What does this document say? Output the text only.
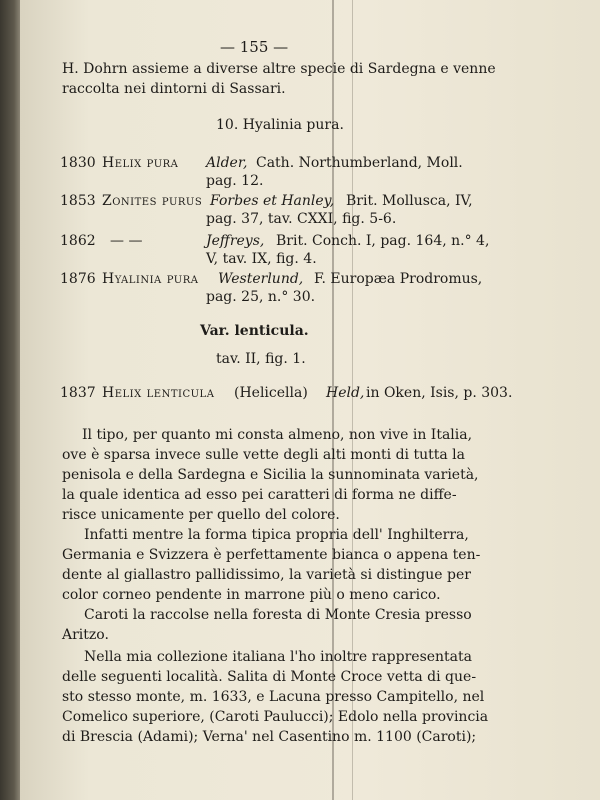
— 155 —
H. Dohrn assieme a diverse altre specie di Sardegna e venne
raccolta nei dintorni di Sassari.
10. Hyalinia pura.
1830 Helix pura Alder, Cath. Northumberland, Moll.
pag. 12.
1853 Zonites purus Forbes et Hanley, Brit. Mollusca, IV,
pag. 37, tav. CXXI, fig. 5-6.
1862 — —	Jeffreys, Brit. Conch. I, pag. 164, n.° 4,
V, tav. IX, fig. 4.
1876 Hyalinia pura Westerlund, F. Europæa Prodromus,
pag. 25, n.° 30.
Var. lenticula.
tav. II, fig. 1.
1837 Helix lenticula (Helicella) Held, in Oken, Isis, p. 303.
Il tipo, per quanto mi consta almeno, non vive in Italia,
ove è sparsa invece sulle vette degli alti monti di tutta la
penisola e della Sardegna e Sicilia la sunnominata varietà,
la quale identica ad esso pei caratteri di forma ne diffe-
risce unicamente per quello del colore.
Infatti mentre la forma tipica propria dell' Inghilterra,
Germania e Svizzera è perfettamente bianca o appena ten-
dente al giallastro pallidissimo, la varietà si distingue per
color corneo pendente in marrone più o meno carico.
Caroti la raccolse nella foresta di Monte Cresia presso
Aritzo.
Nella mia collezione italiana l'ho inoltre rappresentata
delle seguenti località. Salita di Monte Croce vetta di que-
sto stesso monte, m. 1633, e Lacuna presso Campitello, nel
Comelico superiore, (Caroti Paulucci); Edolo nella provincia
di Brescia (Adami); Verna' nel Casentino m. 1100 (Caroti);
